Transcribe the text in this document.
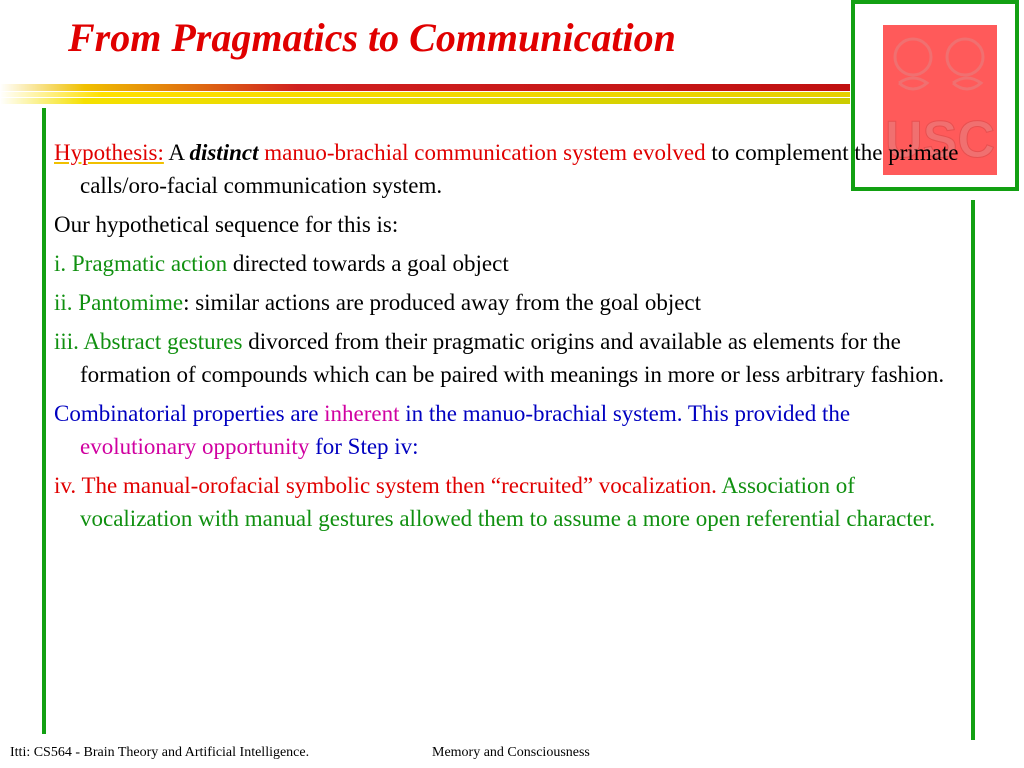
From Pragmatics to Communication
USC

Hypothesis: A distinct manuo-brachial communication system evolved to complement the primate calls/oro-facial communication system.

Our hypothetical sequence for this is:

i. Pragmatic action directed towards a goal object

ii. Pantomime: similar actions are produced away from the goal object

iii. Abstract gestures divorced from their pragmatic origins and available as elements for the formation of compounds which can be paired with meanings in more or less arbitrary fashion.

Combinatorial properties are inherent in the manuo-brachial system. This provided the evolutionary opportunity for Step iv:

iv. The manual-orofacial symbolic system then “recruited” vocalization. Association of vocalization with manual gestures allowed them to assume a more open referential character.

Itti: CS564 - Brain Theory and Artificial Intelligence.	Memory and Consciousness
